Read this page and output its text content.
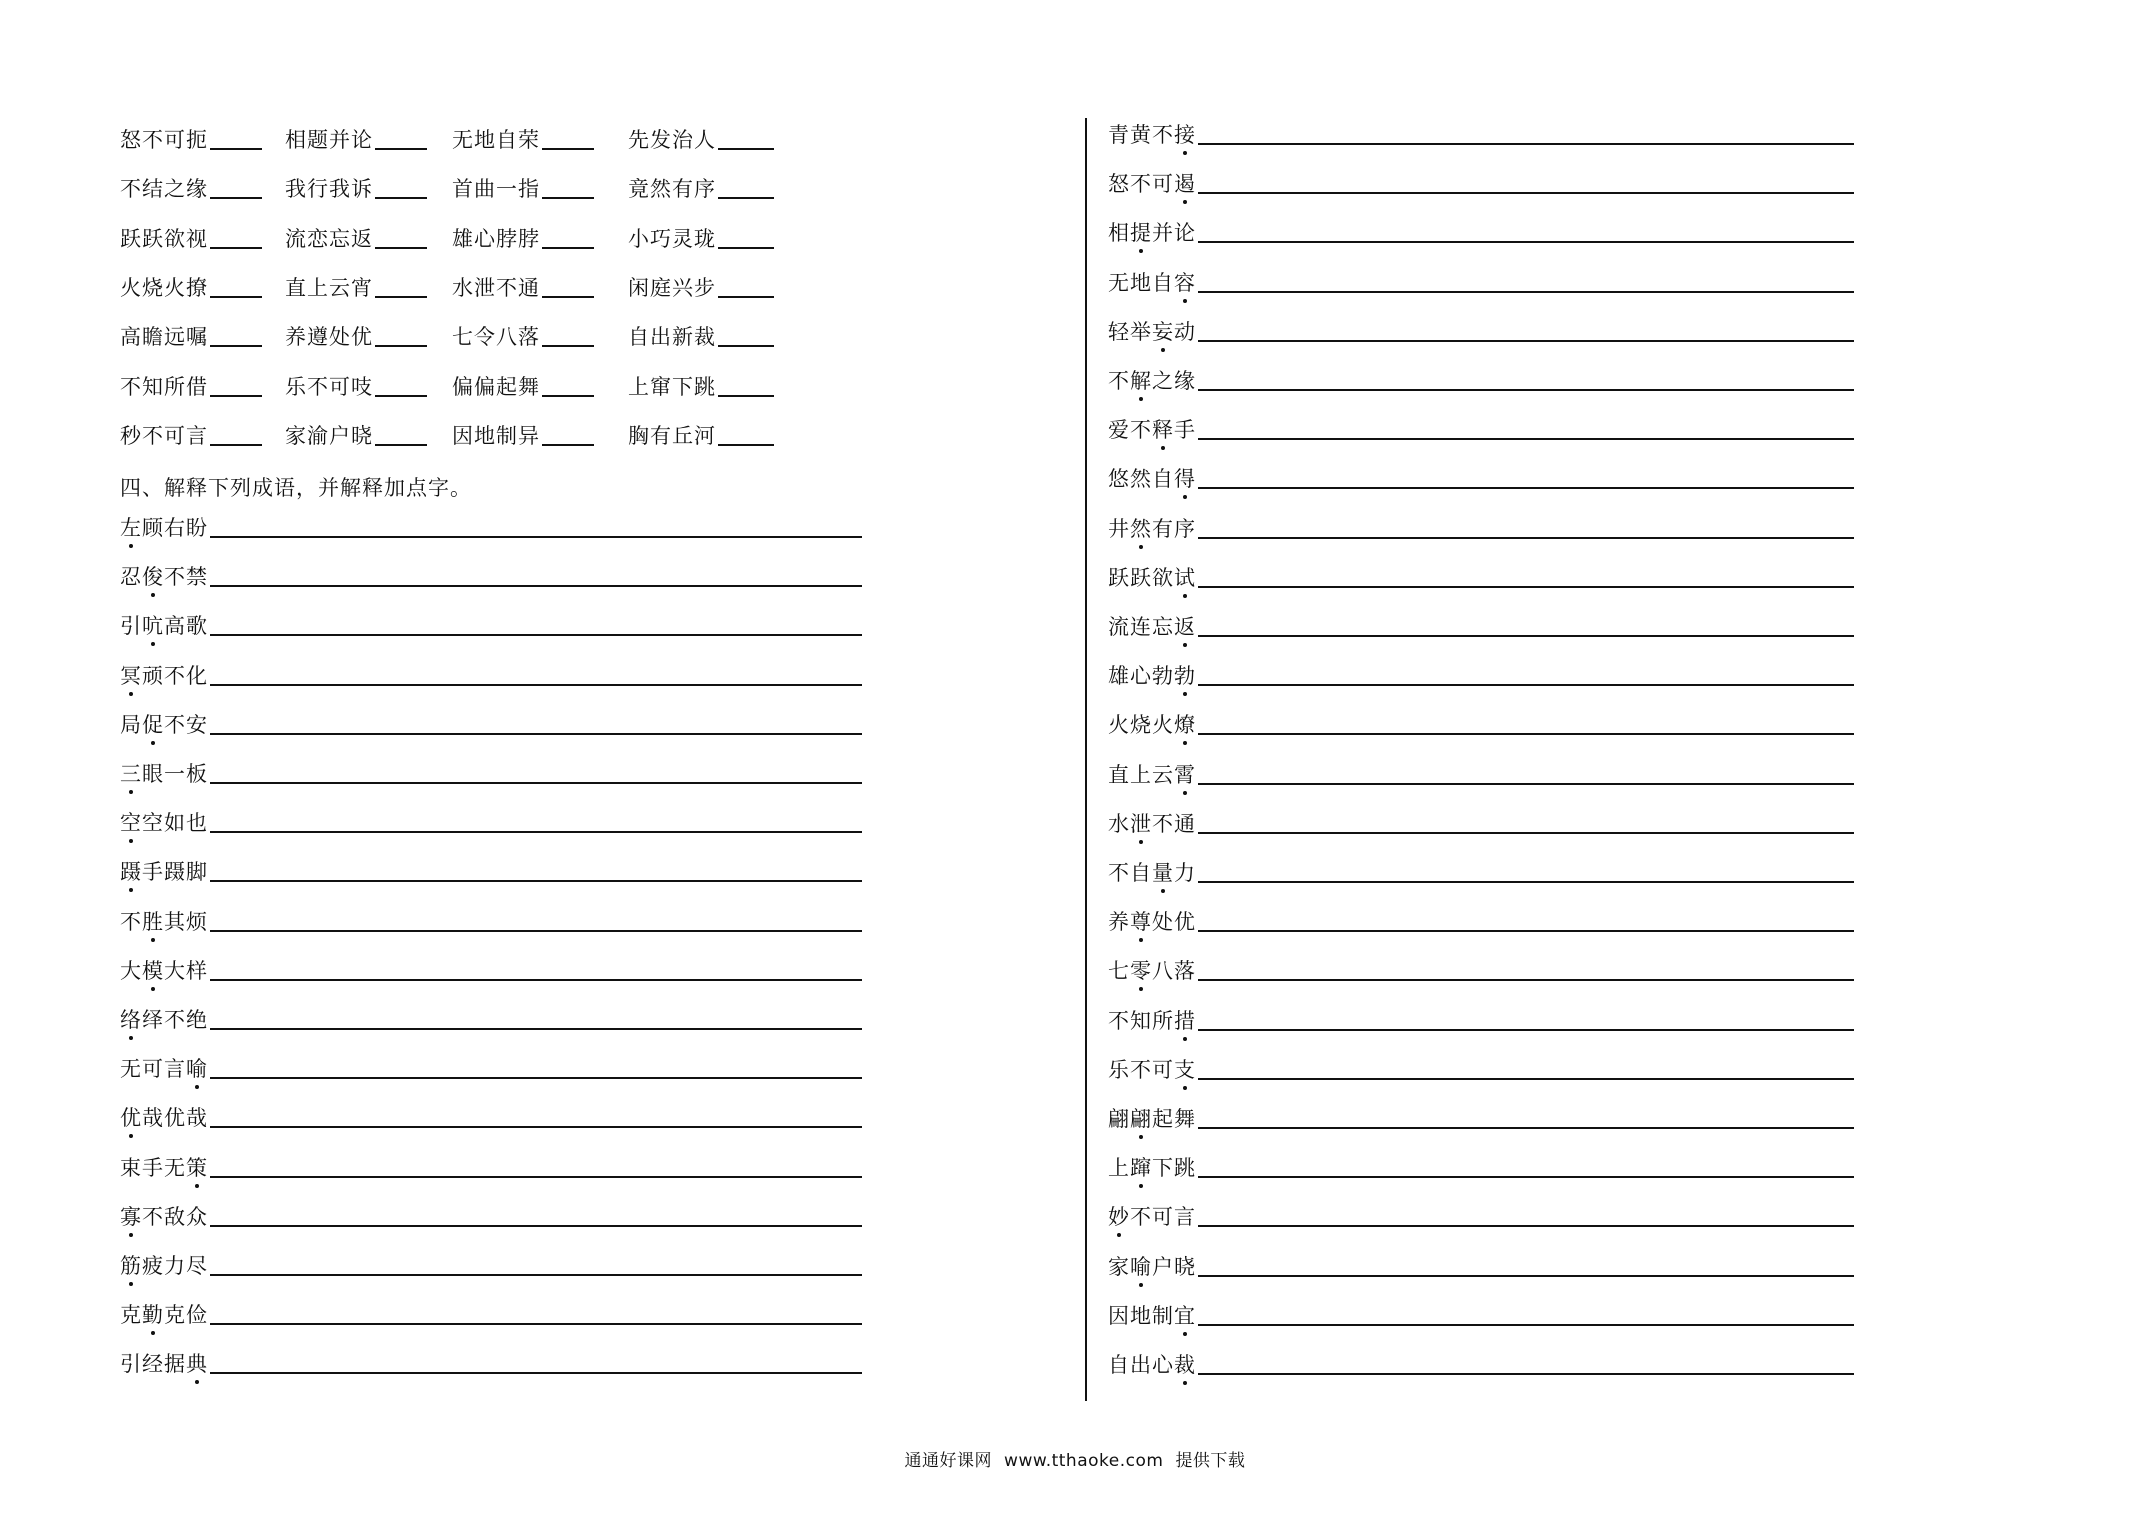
怒不可扼	相题并论	无地自荣	先发治人
不结之缘	我行我诉	首曲一指	竟然有序
跃跃欲视	流恋忘返	雄心脖脖	小巧灵珑
火烧火撩	直上云宵	水泄不通	闲庭兴步
高瞻远嘱	养遵处优	七令八落	自出新裁
不知所借	乐不可吱	偏偏起舞	上窜下跳
秒不可言	家渝户晓	因地制异	胸有丘河
四、解释下列成语，并解释加点字。
左顾右盼
忍俊不禁
引吭高歌
冥顽不化
局促不安
三眼一板
空空如也
蹑手蹑脚
不胜其烦
大模大样
络绎不绝
无可言喻
优哉优哉
束手无策
寡不敌众
筋疲力尽
克勤克俭
引经据典
青黄不接
怒不可遏
相提并论
无地自容
轻举妄动
不解之缘
爱不释手
悠然自得
井然有序
跃跃欲试
流连忘返
雄心勃勃
火烧火燎
直上云霄
水泄不通
不自量力
养尊处优
七零八落
不知所措
乐不可支
翩翩起舞
上蹿下跳
妙不可言
家喻户晓
因地制宜
自出心裁
通通好课网 www.tthaoke.com 提供下载
